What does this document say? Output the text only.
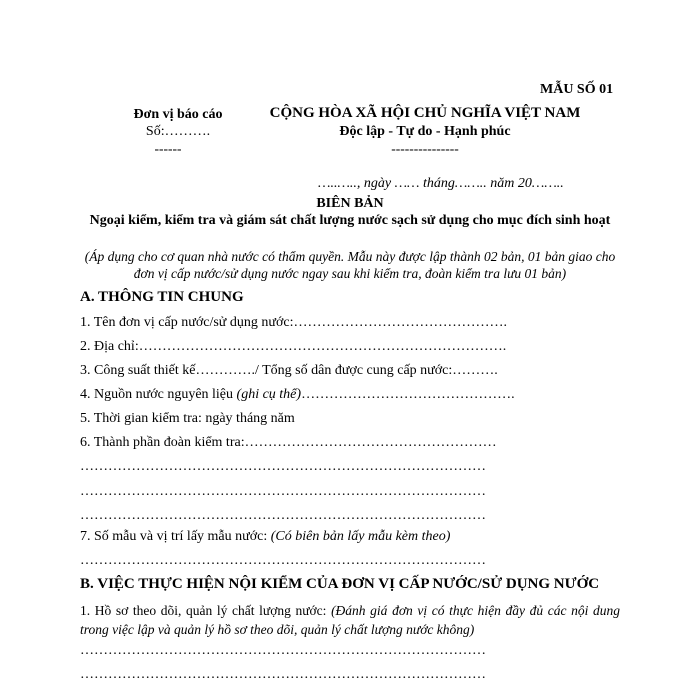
MẪU SỐ 01
Đơn vị báo cáo
Số:……….
------
CỘNG HÒA XÃ HỘI CHỦ NGHĨA VIỆT NAM
Độc lập - Tự do - Hạnh phúc
---------------
…..….., ngày …… tháng…….. năm 20……..
BIÊN BẢN
Ngoại kiểm, kiểm tra và giám sát chất lượng nước sạch sử dụng cho mục đích sinh hoạt
(Áp dụng cho cơ quan nhà nước có thẩm quyền. Mẫu này được lập thành 02 bản, 01 bản giao cho đơn vị cấp nước/sử dụng nước ngay sau khi kiểm tra, đoàn kiểm tra lưu 01 bản)
A. THÔNG TIN CHUNG
1. Tên đơn vị cấp nước/sử dụng nước:……………………………………….
2. Địa chỉ:…………………………………………………………………….
3. Công suất thiết kế…………./ Tổng số dân được cung cấp nước:……….
4. Nguồn nước nguyên liệu (ghi cụ thể)……………………………………….
5. Thời gian kiểm tra: ngày tháng năm
6. Thành phần đoàn kiểm tra:………………………………………………
……………………………………………………………………………
……………………………………………………………………………
……………………………………………………………………………
7. Số mẫu và vị trí lấy mẫu nước: (Có biên bản lấy mẫu kèm theo)
……………………………………………………………………………
B. VIỆC THỰC HIỆN NỘI KIỂM CỦA ĐƠN VỊ CẤP NƯỚC/SỬ DỤNG NƯỚC
1. Hồ sơ theo dõi, quản lý chất lượng nước: (Đánh giá đơn vị có thực hiện đầy đủ các nội dung trong việc lập và quản lý hồ sơ theo dõi, quản lý chất lượng nước không)
……………………………………………………………………………
……………………………………………………………………………
